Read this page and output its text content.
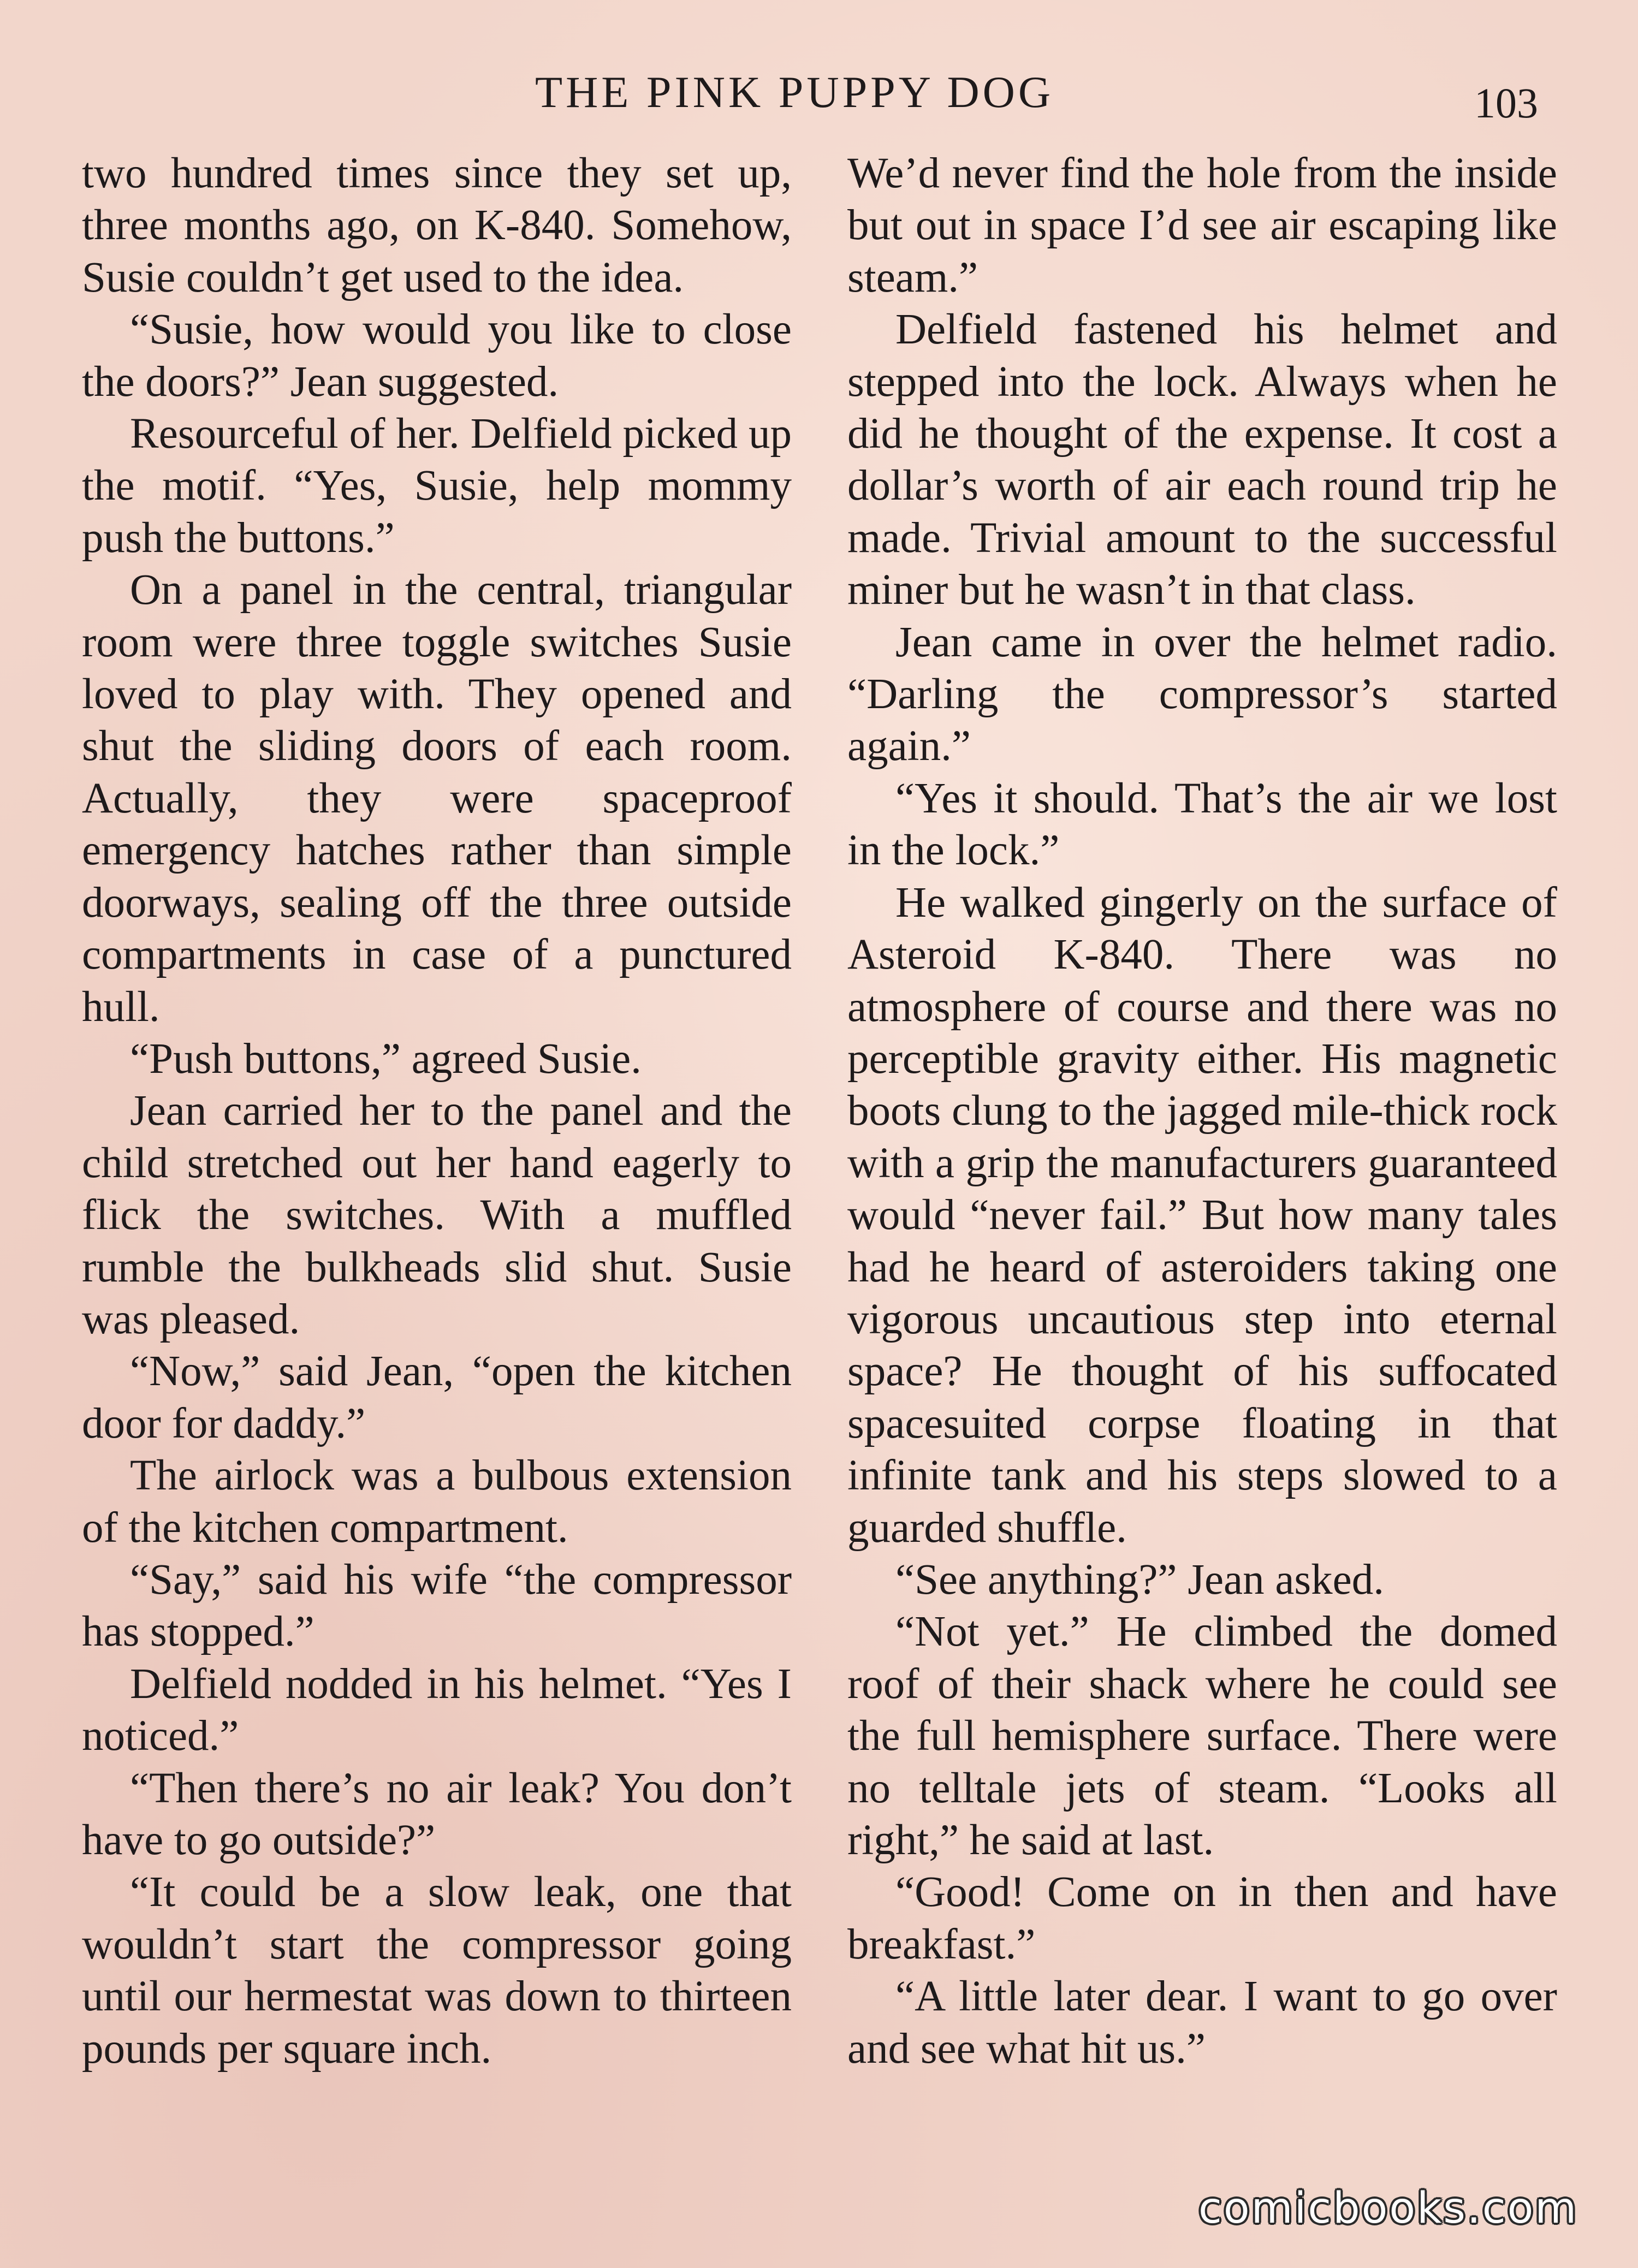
THE PINK PUPPY DOG	103

two hundred times since they set up, three months ago, on K-840. Somehow, Susie couldn’t get used to the idea.

“Susie, how would you like to close the doors?” Jean suggested.

Resourceful of her. Delfield picked up the motif. “Yes, Susie, help mommy push the buttons.”

On a panel in the central, triangular room were three toggle switches Susie loved to play with. They opened and shut the sliding doors of each room. Actually, they were spaceproof emergency hatches rather than simple doorways, sealing off the three outside compartments in case of a punctured hull.

“Push buttons,” agreed Susie.

Jean carried her to the panel and the child stretched out her hand eagerly to flick the switches. With a muffled rumble the bulkheads slid shut. Susie was pleased.

“Now,” said Jean, “open the kitchen door for daddy.”

The airlock was a bulbous extension of the kitchen compartment.

“Say,” said his wife “the compressor has stopped.”

Delfield nodded in his helmet. “Yes I noticed.”

“Then there’s no air leak? You don’t have to go outside?”

“It could be a slow leak, one that wouldn’t start the compressor going until our hermestat was down to thirteen pounds per square inch.

We’d never find the hole from the inside but out in space I’d see air escaping like steam.”

Delfield fastened his helmet and stepped into the lock. Always when he did he thought of the expense. It cost a dollar’s worth of air each round trip he made. Trivial amount to the successful miner but he wasn’t in that class.

Jean came in over the helmet radio. “Darling the compressor’s started again.”

“Yes it should. That’s the air we lost in the lock.”

He walked gingerly on the surface of Asteroid K-840. There was no atmosphere of course and there was no perceptible gravity either. His magnetic boots clung to the jagged mile-thick rock with a grip the manufacturers guaranteed would “never fail.” But how many tales had he heard of asteroiders taking one vigorous uncautious step into eternal space? He thought of his suffocated spacesuited corpse floating in that infinite tank and his steps slowed to a guarded shuffle.

“See anything?” Jean asked.

“Not yet.” He climbed the domed roof of their shack where he could see the full hemisphere surface. There were no telltale jets of steam. “Looks all right,” he said at last.

“Good! Come on in then and have breakfast.”

“A little later dear. I want to go over and see what hit us.”

comicbooks.com
